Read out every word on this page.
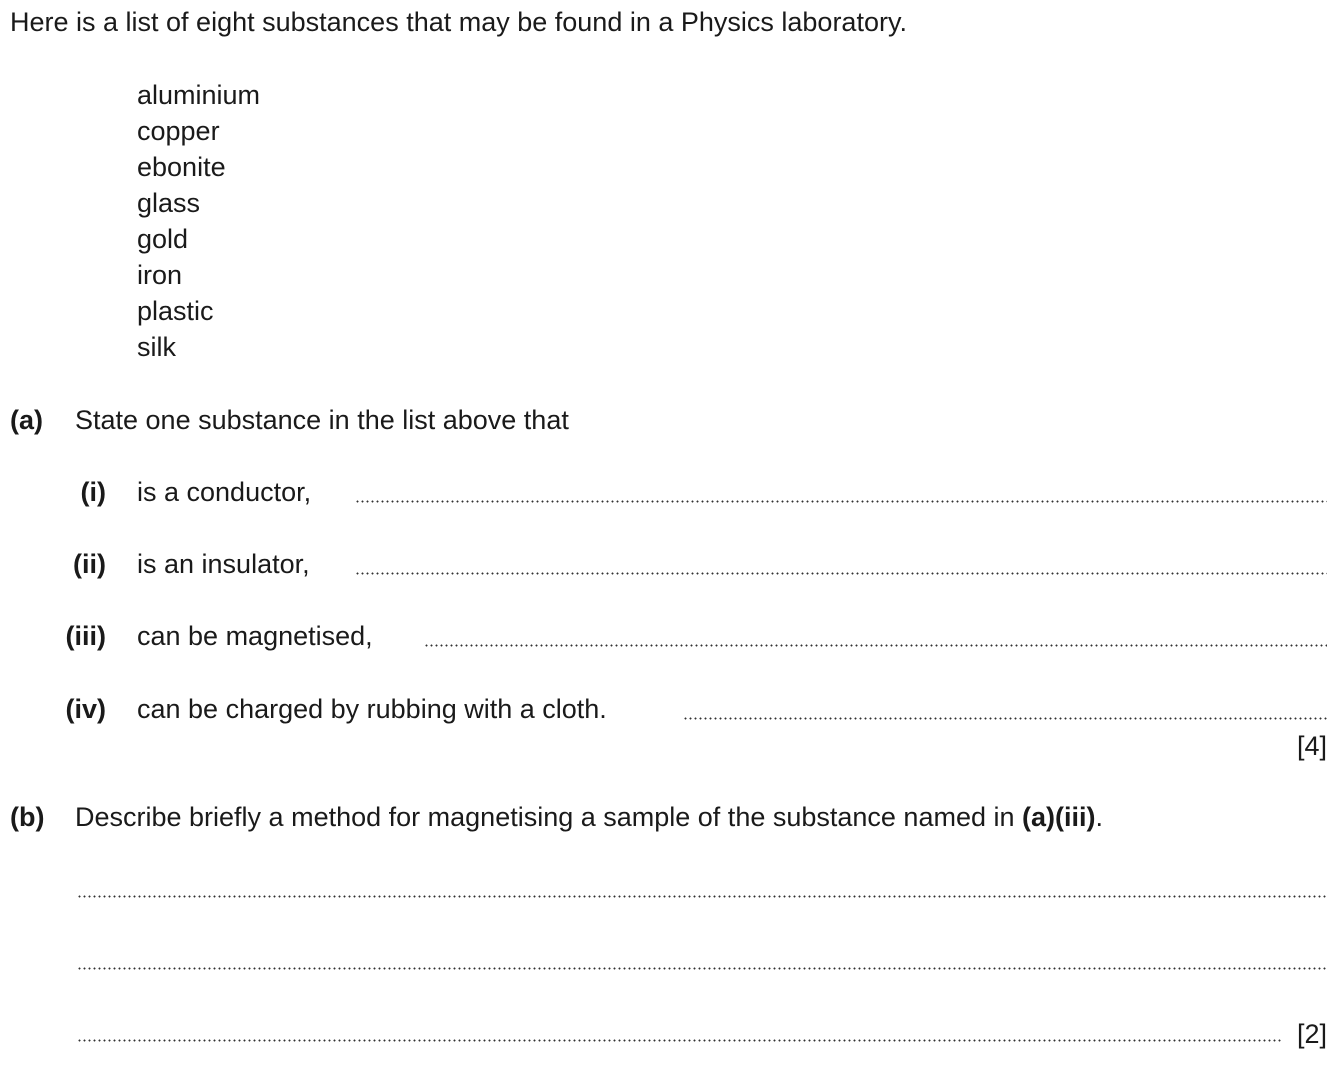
Here is a list of eight substances that may be found in a Physics laboratory.
aluminium
copper
ebonite
glass
gold
iron
plastic
silk
(a) State one substance in the list above that
(i) is a conductor,
(ii) is an insulator,
(iii) can be magnetised,
(iv) can be charged by rubbing with a cloth.
[4]
(b) Describe briefly a method for magnetising a sample of the substance named in (a)(iii).
[2]
